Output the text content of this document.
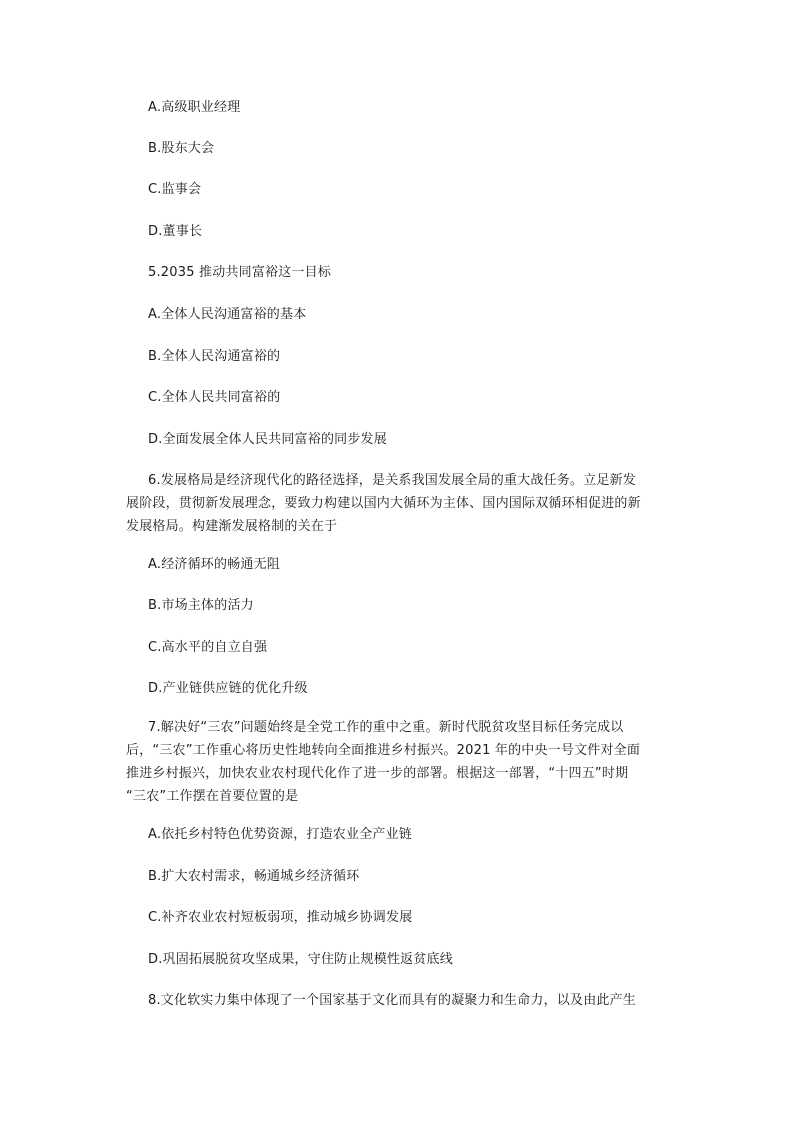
A.高级职业经理
B.股东大会
C.监事会
D.董事长
5.2035 推动共同富裕这一目标
A.全体人民沟通富裕的基本
B.全体人民沟通富裕的
C.全体人民共同富裕的
D.全面发展全体人民共同富裕的同步发展
6.发展格局是经济现代化的路径选择，是关系我国发展全局的重大战任务。立足新发
展阶段，贯彻新发展理念，要致力构建以国内大循环为主体、国内国际双循环相促进的新
发展格局。构建渐发展格制的关在于
A.经济循环的畅通无阻
B.市场主体的活力
C.高水平的自立自强
D.产业链供应链的优化升级
7.解决好“三农”问题始终是全党工作的重中之重。新时代脱贫攻坚目标任务完成以
后，“三农”工作重心将历史性地转向全面推进乡村振兴。2021 年的中央一号文件对全面
推进乡村振兴，加快农业农村现代化作了进一步的部署。根据这一部署，“十四五”时期
“三农”工作摆在首要位置的是
A.依托乡村特色优势资源，打造农业全产业链
B.扩大农村需求，畅通城乡经济循环
C.补齐农业农村短板弱项，推动城乡协调发展
D.巩固拓展脱贫攻坚成果，守住防止规模性返贫底线
8.文化软实力集中体现了一个国家基于文化而具有的凝聚力和生命力，以及由此产生
